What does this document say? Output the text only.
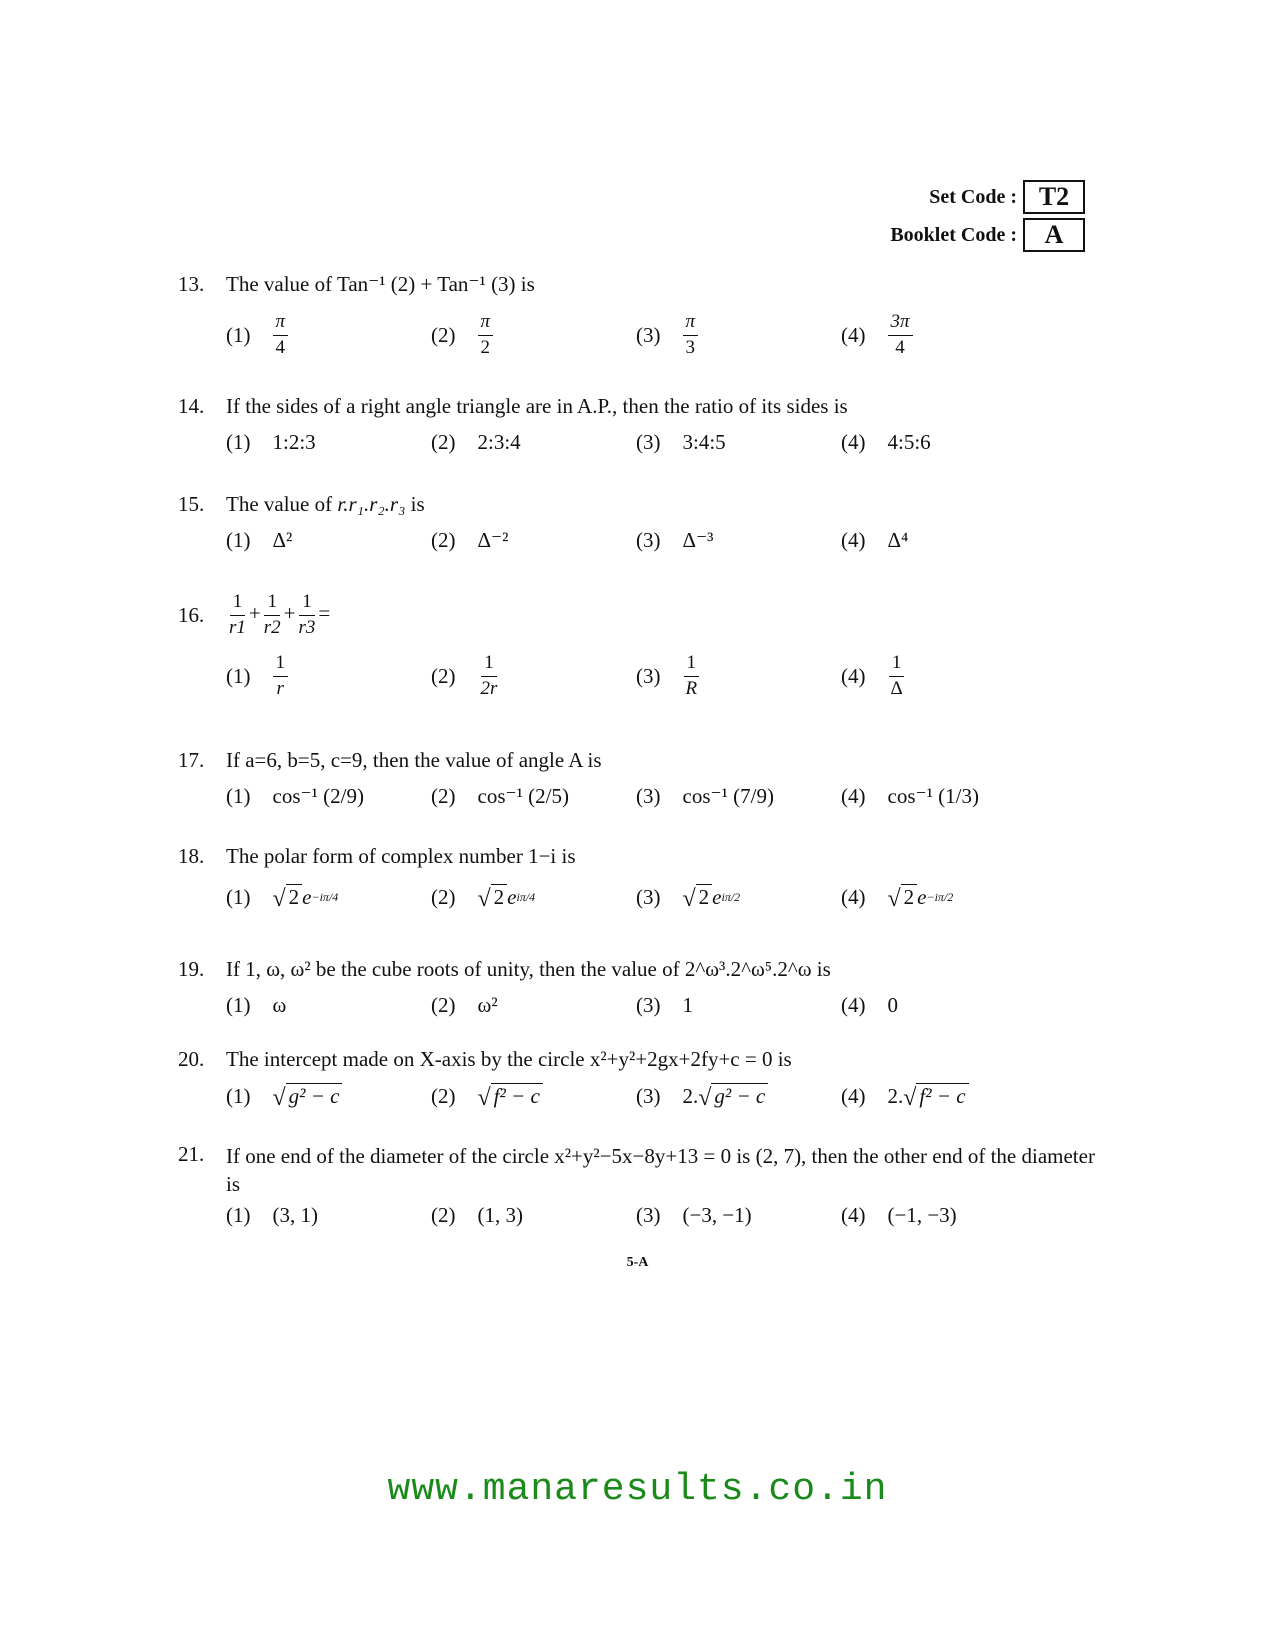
Set Code : T2
Booklet Code :	A
13.	The value of Tan⁻¹ (2) + Tan⁻¹ (3) is
$(1) \frac{\pi}{4}$	$(2) \frac{\pi}{2}$	$(3) \frac{\pi}{3}$	$(4) \frac{3\pi}{4}$
14.	If the sides of a right angle triangle are in A.P., then the ratio of its sides is
(1) 1:2:3	(2) 2:3:4	(3) 3:4:5	(4) 4:5:6
15.	The value of r.r₁.r₂.r₃ is
(1) Δ²	(2) Δ⁻²	(3) Δ⁻³	(4) Δ⁴
16.	$\frac{1}{r1} + \frac{1}{r2} + \frac{1}{r3}$ =
$(1) \frac{1}{r}$	$(2) \frac{1}{2r}$	$(3) \frac{1}{R}$	$(4) \frac{1}{\Delta}$
17.	If a=6, b=5, c=9, then the value of angle A is
(1) cos⁻¹ (2/9)	(2) cos⁻¹ (2/5)	(3) cos⁻¹ (7/9)	(4) cos⁻¹ (1/3)
18.	The polar form of complex number 1−i is
(1) √ 2 e −iπ/4	(2) √ 2 e iπ/4	(3) √ 2 e iπ/2	(4) √ 2 e −iπ/2
19.	If 1, ω, ω² be the cube roots of unity, then the value of 2^ω³.2^ω⁵.2^ω is
(1) ω	(2) ω²	(3) 1	(4) 0
20.	The intercept made on X-axis by the circle x²+y²+2gx+2fy+c = 0 is
(1) √ g² − c	(2) √ f² − c	(3) 2. √ g² − c	(4) 2. √ f² − c
21.	If one end of the diameter of the circle x²+y²−5x−8y+13 = 0 is (2, 7), then the other end of the diameter is
(1) (3, 1)	(2) (1, 3)	(3) (−3, −1)	(4) (−1, −3)
5-A
www.manaresults.co.in
